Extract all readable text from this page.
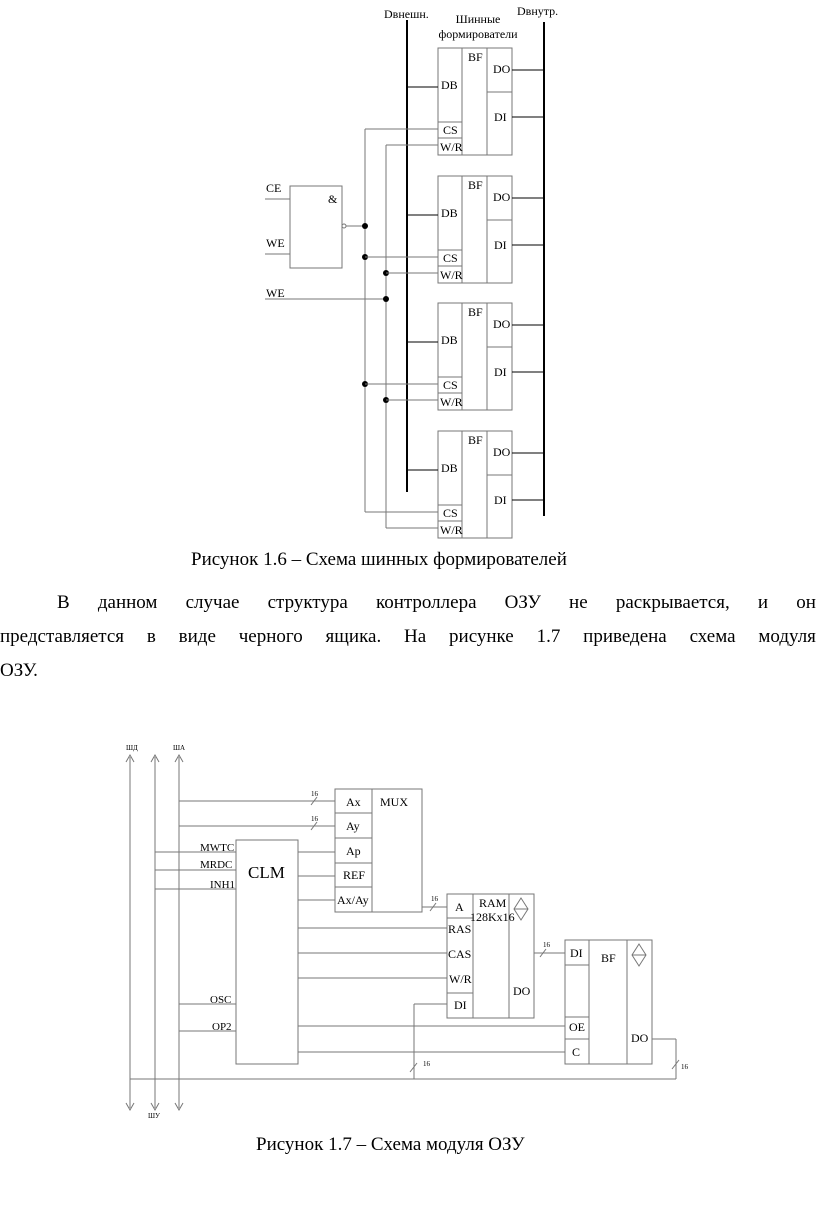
Dвнешн.	Dвнутр.
Шинные
формирователи
&
CE
WE
WE
BF
DO
DB
DI
CS
W/R
BF
DO
DB
DI
CS
W/R
BF
DO
DB
DI
CS
W/R
BF
DO
DB
DI
CS
W/R
Рисунок 1.6 – Схема шинных формирователей
В данном случае структура контроллера ОЗУ не раскрывается, и он
представляется в виде черного ящика. На рисунке 1.7 приведена схема модуля
ОЗУ.
ШД	ША
ШУ
16
16
CLM
MWTC
MRDC
INH1
OSC
OP2
MUX
Ax
Ay
Ap
REF
Ax/Ay	16	RAM
128Kx16
A
RAS
CAS
W/R
DI
DO
16
16
DI BF
OE
C
DO
16
Рисунок 1.7 – Схема модуля ОЗУ
